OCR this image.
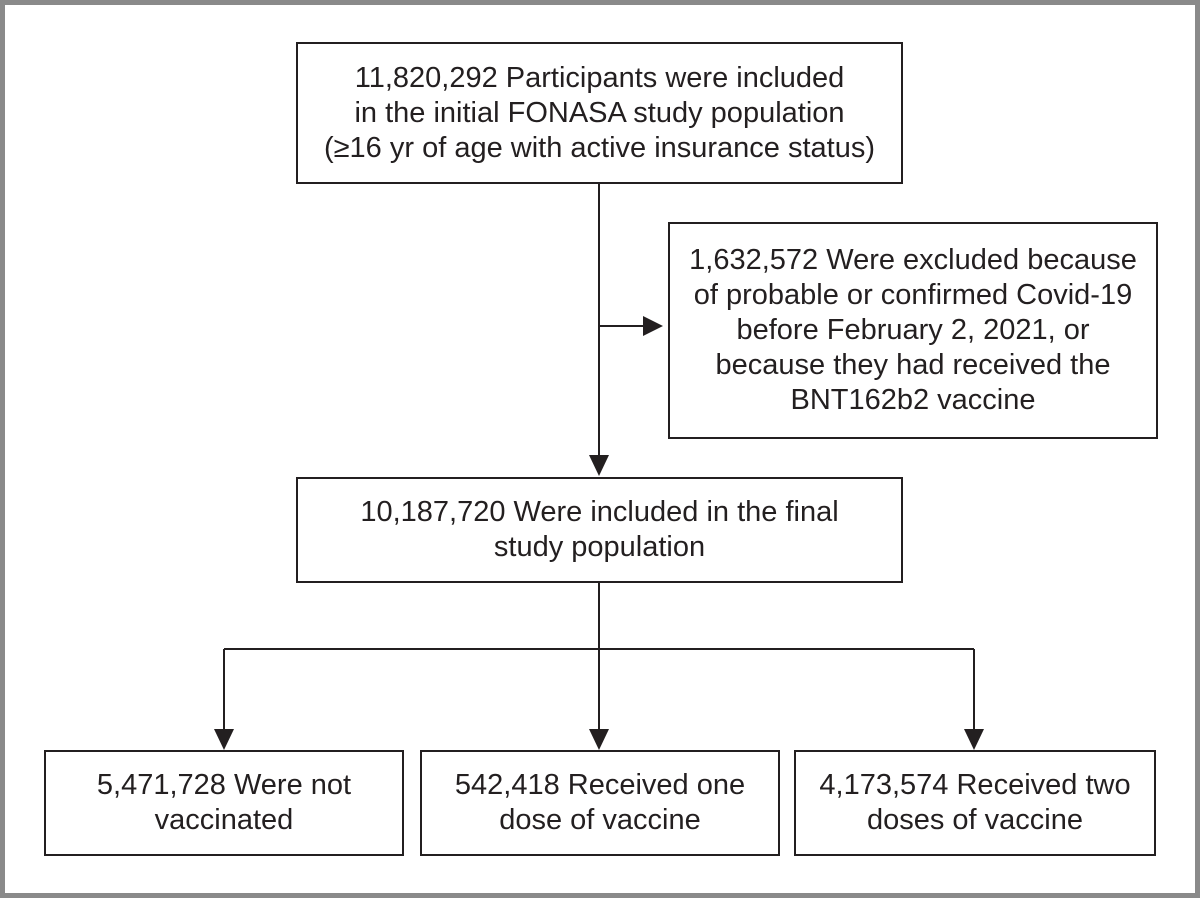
11,820,292 Participants were included
in the initial FONASA study population
(≥16 yr of age with active insurance status)
1,632,572 Were excluded because
of probable or confirmed Covid-19
before February 2, 2021, or
because they had received the
BNT162b2 vaccine
10,187,720 Were included in the final
study population
5,471,728 Were not
vaccinated
542,418 Received one
dose of vaccine
4,173,574 Received two
doses of vaccine
